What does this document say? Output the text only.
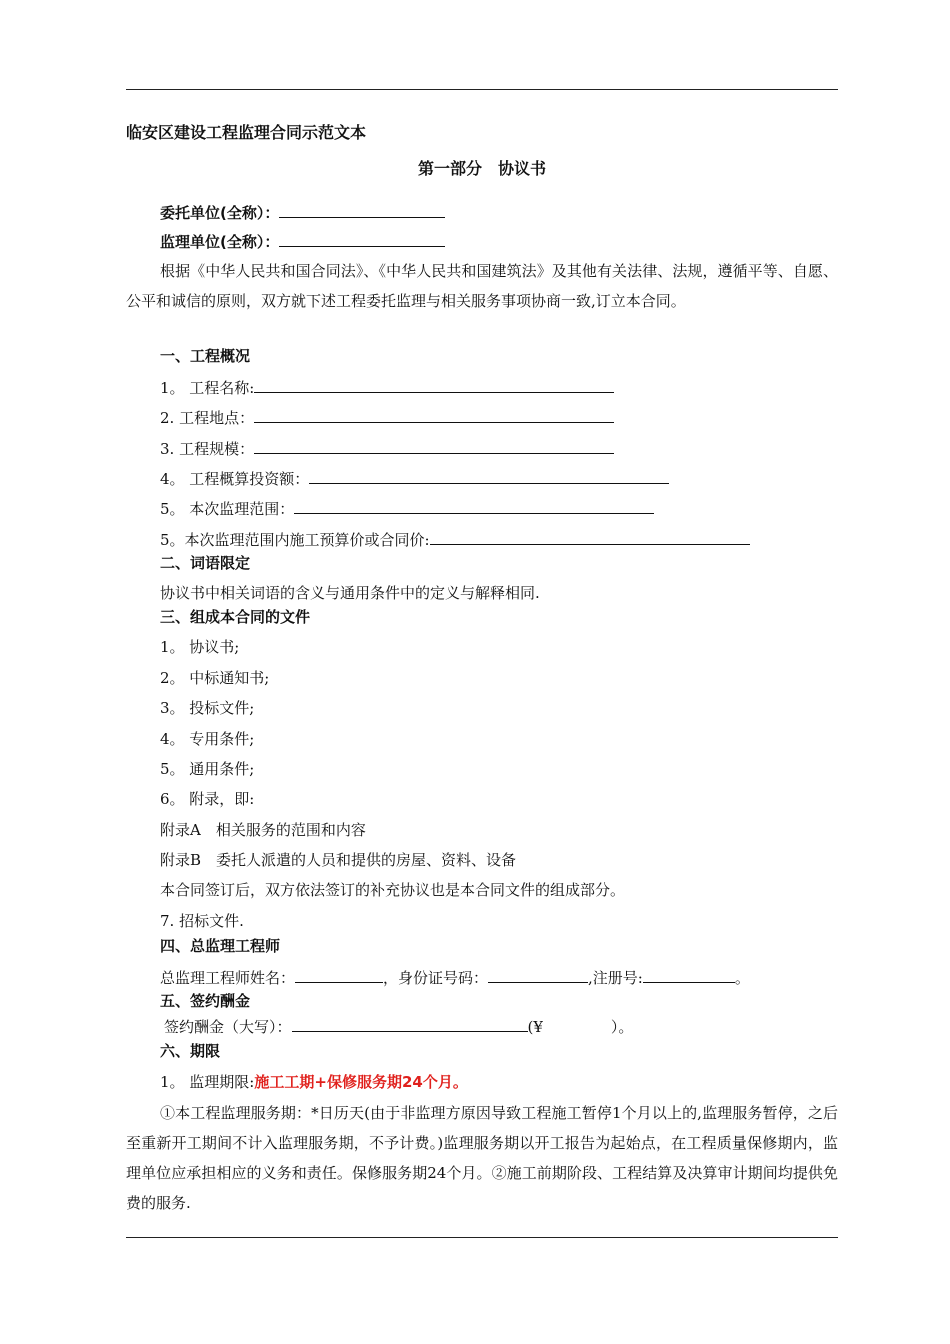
临安区建设工程监理合同示范文本
第一部分　协议书
委托单位(全称）：
监理单位(全称）：
根据《中华人民共和国合同法》、《中华人民共和国建筑法》及其他有关法律、法规，遵循平等、自愿、公平和诚信的原则，双方就下述工程委托监理与相关服务事项协商一致,订立本合同。
一、工程概况
1。 工程名称:
2. 工程地点：
3. 工程规模：
4。 工程概算投资额：
5。 本次监理范围：
5。本次监理范围内施工预算价或合同价:
二、词语限定
协议书中相关词语的含义与通用条件中的定义与解释相同.
三、组成本合同的文件
1。 协议书;
2。 中标通知书;
3。 投标文件;
4。 专用条件;
5。 通用条件;
6。 附录，即:
附录A　相关服务的范围和内容
附录B　委托人派遣的人员和提供的房屋、资料、设备
本合同签订后，双方依法签订的补充协议也是本合同文件的组成部分。
7. 招标文件.
四、总监理工程师
总监理工程师姓名：	，身份证号码：	,注册号:	。
五、签约酬金
签约酬金（大写）：	(¥	）。
六、期限
1。 监理期限:施工工期+保修服务期24个月。
①本工程监理服务期：*日历天(由于非监理方原因导致工程施工暂停1个月以上的,监理服务暂停，之后至重新开工期间不计入监理服务期，不予计费。)监理服务期以开工报告为起始点，在工程质量保修期内，监理单位应承担相应的义务和责任。保修服务期24个月。②施工前期阶段、工程结算及决算审计期间均提供免费的服务.
